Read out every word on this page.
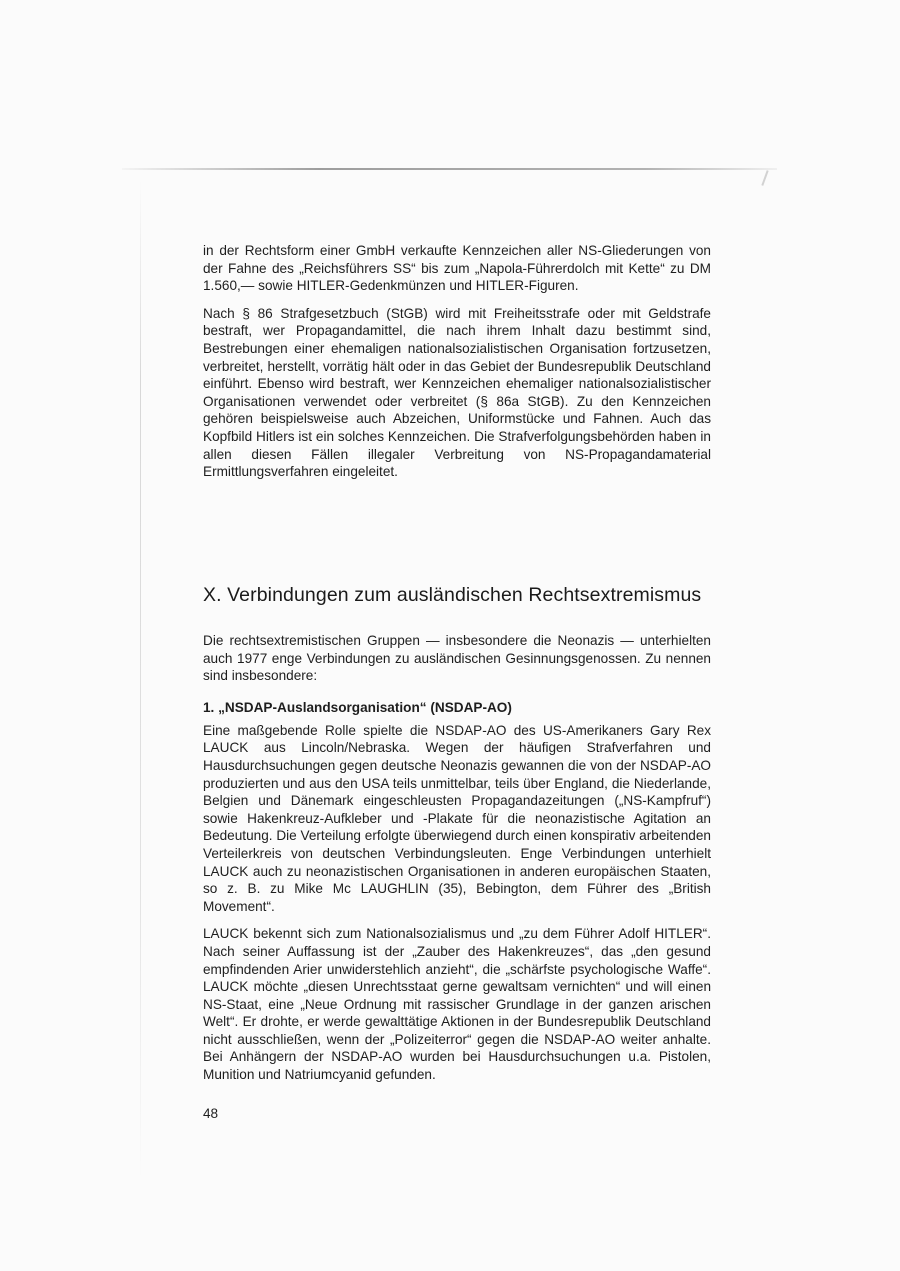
in der Rechtsform einer GmbH verkaufte Kennzeichen aller NS-Gliederungen von der Fahne des „Reichsführers SS“ bis zum „Napola-Führerdolch mit Kette“ zu DM 1.560,— sowie HITLER-Gedenkmünzen und HITLER-Figuren.

Nach § 86 Strafgesetzbuch (StGB) wird mit Freiheitsstrafe oder mit Geldstrafe bestraft, wer Propagandamittel, die nach ihrem Inhalt dazu bestimmt sind, Bestrebungen einer ehemaligen nationalsozialistischen Organisation fortzusetzen, verbreitet, herstellt, vorrätig hält oder in das Gebiet der Bundesrepublik Deutschland einführt. Ebenso wird bestraft, wer Kennzeichen ehemaliger nationalsozialistischer Organisationen verwendet oder verbreitet (§ 86a StGB). Zu den Kennzeichen gehören beispielsweise auch Abzeichen, Uniformstücke und Fahnen. Auch das Kopfbild Hitlers ist ein solches Kennzeichen. Die Strafverfolgungsbehörden haben in allen diesen Fällen illegaler Verbreitung von NS-Propagandamaterial Ermittlungsverfahren eingeleitet.

X. Verbindungen zum ausländischen Rechtsextremismus

Die rechtsextremistischen Gruppen — insbesondere die Neonazis — unterhielten auch 1977 enge Verbindungen zu ausländischen Gesinnungsgenossen. Zu nennen sind insbesondere:

1. „NSDAP-Auslandsorganisation“ (NSDAP-AO)

Eine maßgebende Rolle spielte die NSDAP-AO des US-Amerikaners Gary Rex LAUCK aus Lincoln/Nebraska. Wegen der häufigen Strafverfahren und Hausdurchsuchungen gegen deutsche Neonazis gewannen die von der NSDAP-AO produzierten und aus den USA teils unmittelbar, teils über England, die Niederlande, Belgien und Dänemark eingeschleusten Propagandazeitungen („NS-Kampfruf“) sowie Hakenkreuz-Aufkleber und -Plakate für die neonazistische Agitation an Bedeutung. Die Verteilung erfolgte überwiegend durch einen konspirativ arbeitenden Verteilerkreis von deutschen Verbindungsleuten. Enge Verbindungen unterhielt LAUCK auch zu neonazistischen Organisationen in anderen europäischen Staaten, so z. B. zu Mike Mc LAUGHLIN (35), Bebington, dem Führer des „British Movement“.

LAUCK bekennt sich zum Nationalsozialismus und „zu dem Führer Adolf HITLER“. Nach seiner Auffassung ist der „Zauber des Hakenkreuzes“, das „den gesund empfindenden Arier unwiderstehlich anzieht“, die „schärfste psychologische Waffe“. LAUCK möchte „diesen Unrechtsstaat gerne gewaltsam vernichten“ und will einen NS-Staat, eine „Neue Ordnung mit rassischer Grundlage in der ganzen arischen Welt“. Er drohte, er werde gewalttätige Aktionen in der Bundesrepublik Deutschland nicht ausschließen, wenn der „Polizeiterror“ gegen die NSDAP-AO weiter anhalte. Bei Anhängern der NSDAP-AO wurden bei Hausdurchsuchungen u.a. Pistolen, Munition und Natriumcyanid gefunden.

48
